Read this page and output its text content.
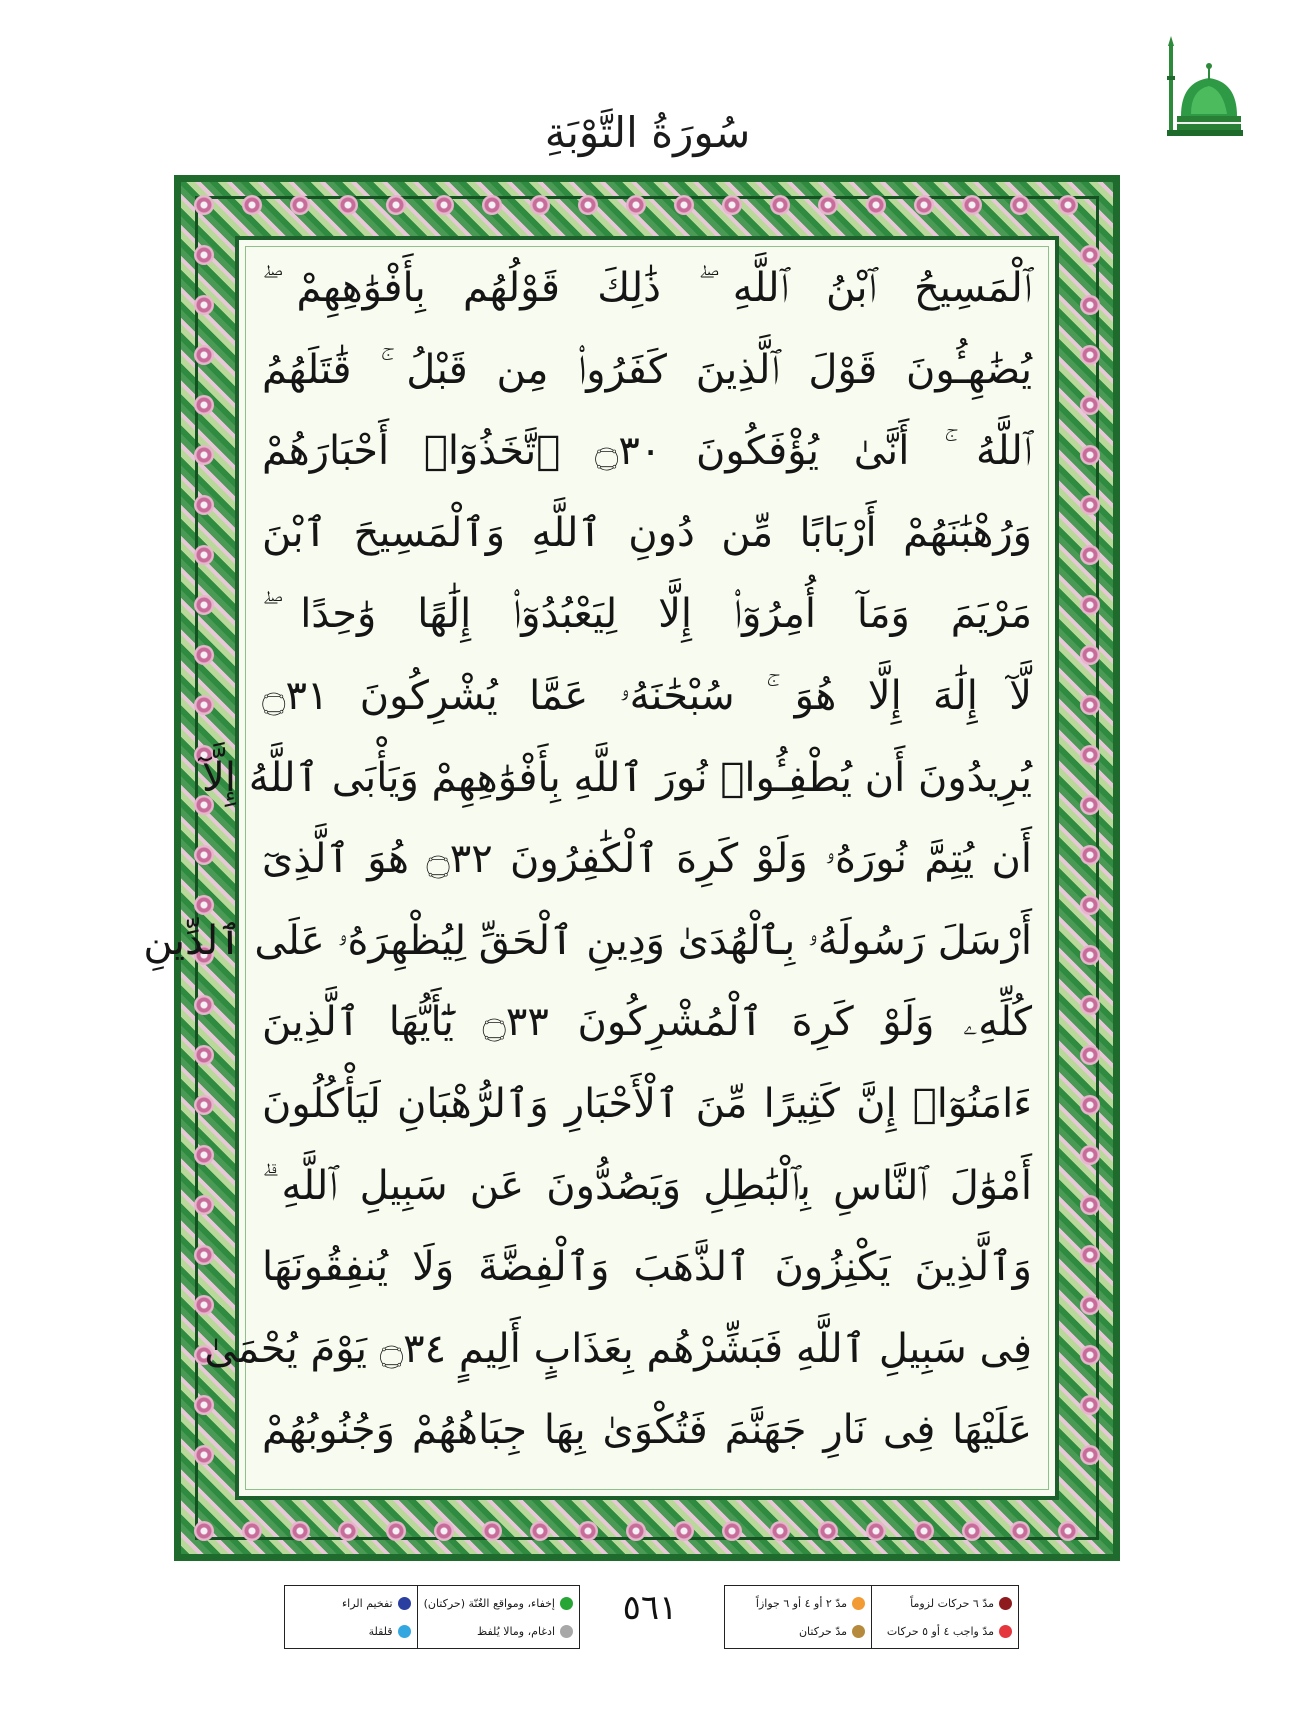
سُورَةُ التَّوْبَةِ
ٱلْمَسِيحُ ٱبْنُ ٱللَّهِ ۖ ذَٰلِكَ قَوْلُهُم بِأَفْوَٰهِهِمْ ۖ
يُضَٰهِـُٔونَ قَوْلَ ٱلَّذِينَ كَفَرُوا۟ مِن قَبْلُ ۚ قَٰتَلَهُمُ
ٱللَّهُ ۚ أَنَّىٰ يُؤْفَكُونَ ۝٣٠ ٱتَّخَذُوٓا۟ أَحْبَارَهُمْ
وَرُهْبَٰنَهُمْ أَرْبَابًا مِّن دُونِ ٱللَّهِ وَٱلْمَسِيحَ ٱبْنَ
مَرْيَمَ وَمَآ أُمِرُوٓا۟ إِلَّا لِيَعْبُدُوٓا۟ إِلَٰهًا وَٰحِدًا ۖ
لَّآ إِلَٰهَ إِلَّا هُوَ ۚ سُبْحَٰنَهُۥ عَمَّا يُشْرِكُونَ ۝٣١
يُرِيدُونَ أَن يُطْفِـُٔوا۟ نُورَ ٱللَّهِ بِأَفْوَٰهِهِمْ وَيَأْبَى ٱللَّهُ إِلَّآ
أَن يُتِمَّ نُورَهُۥ وَلَوْ كَرِهَ ٱلْكَٰفِرُونَ ۝٣٢ هُوَ ٱلَّذِىٓ
أَرْسَلَ رَسُولَهُۥ بِٱلْهُدَىٰ وَدِينِ ٱلْحَقِّ لِيُظْهِرَهُۥ عَلَى ٱلدِّينِ
كُلِّهِۦ وَلَوْ كَرِهَ ٱلْمُشْرِكُونَ ۝٣٣ يَٰٓأَيُّهَا ٱلَّذِينَ
ءَامَنُوٓا۟ إِنَّ كَثِيرًا مِّنَ ٱلْأَحْبَارِ وَٱلرُّهْبَانِ لَيَأْكُلُونَ
أَمْوَٰلَ ٱلنَّاسِ بِٱلْبَٰطِلِ وَيَصُدُّونَ عَن سَبِيلِ ٱللَّهِ ۗ
وَٱلَّذِينَ يَكْنِزُونَ ٱلذَّهَبَ وَٱلْفِضَّةَ وَلَا يُنفِقُونَهَا
فِى سَبِيلِ ٱللَّهِ فَبَشِّرْهُم بِعَذَابٍ أَلِيمٍ ۝٣٤ يَوْمَ يُحْمَىٰ
عَلَيْهَا فِى نَارِ جَهَنَّمَ فَتُكْوَىٰ بِهَا جِبَاهُهُمْ وَجُنُوبُهُمْ
إخفاء، ومواقع الغُنّة (حركتان)
ادغام، ومالا يُلفظ
تفخيم الراء
قلقلة
٥٦١	مدّ ٦ حركات لزوماً
مدّ واجب ٤ أو ٥ حركات
مدّ ٢ أو ٤ أو ٦ جوازاً
مدّ حركتان
